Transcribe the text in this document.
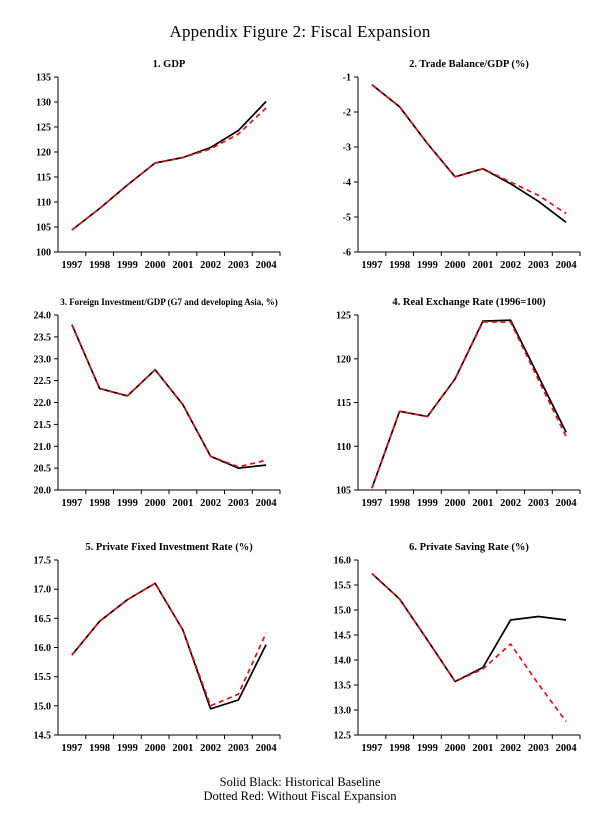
Appendix Figure 2: Fiscal Expansion
1. GDP
100
105
110
115
120
125
130
135
1997 1998 1999 2000 2001 2002 2003 2004
2. Trade Balance/GDP (%)
-6
-5
-4
-3
-2
-1
1997 1998 1999 2000 2001 2002 2003 2004
3. Foreign Investment/GDP (G7 and developing Asia, %)
20.0
20.5
21.0
21.5
22.0
22.5
23.0
23.5
24.0
1997 1998 1999 2000 2001 2002 2003 2004
4. Real Exchange Rate (1996=100)
105
110
115
120
125
1997 1998 1999 2000 2001 2002 2003 2004
5. Private Fixed Investment Rate (%)
14.5
15.0
15.5
16.0
16.5
17.0
17.5
1997 1998 1999 2000 2001 2002 2003 2004
6. Private Saving Rate (%)
12.5
13.0
13.5
14.0
14.5
15.0
15.5
16.0
1997 1998 1999 2000 2001 2002 2003 2004
Solid Black: Historical Baseline
Dotted Red: Without Fiscal Expansion
